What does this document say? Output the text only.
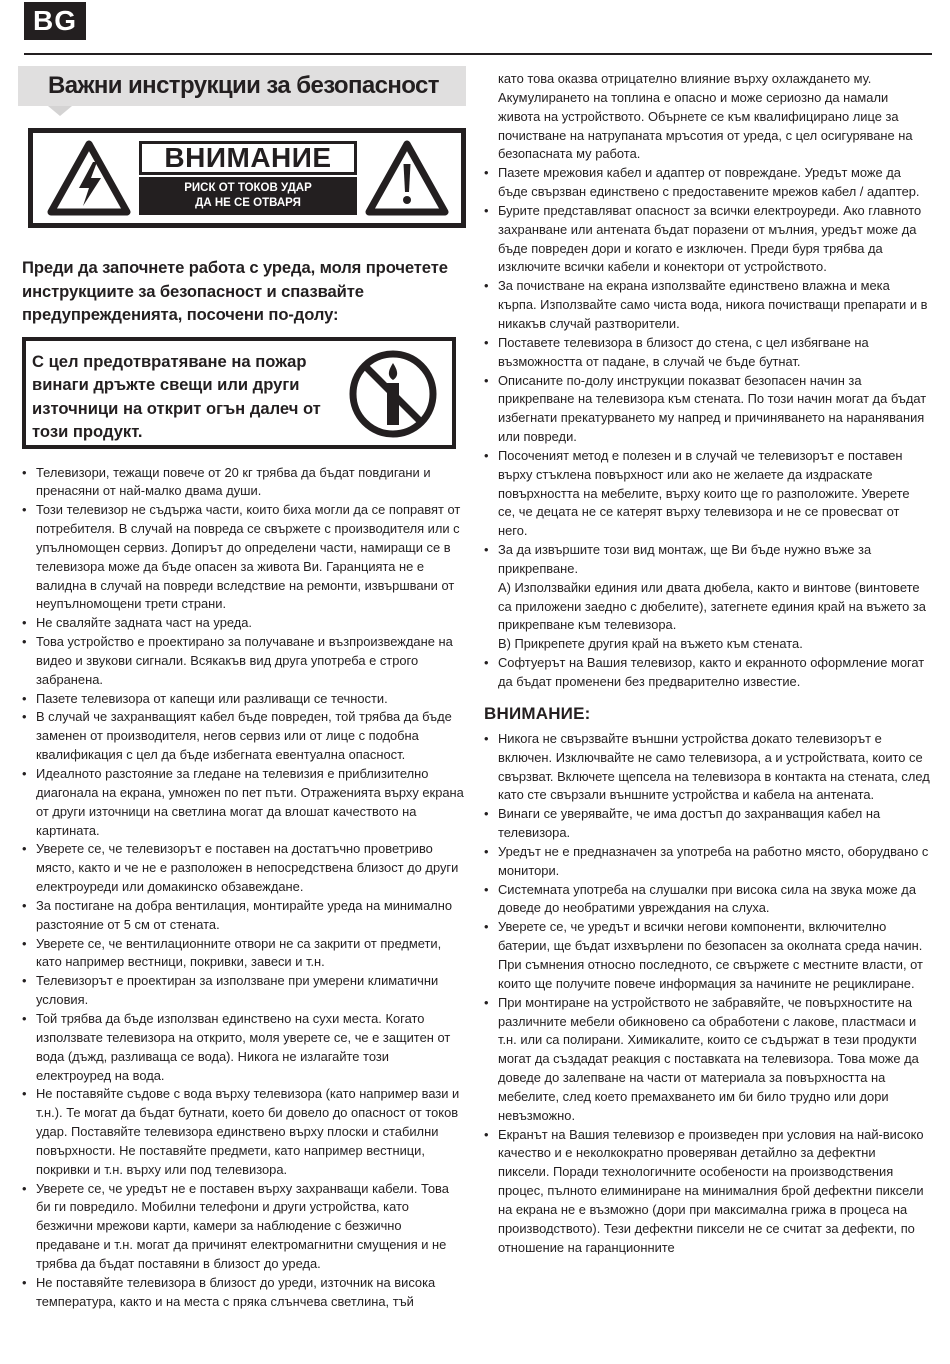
BG
Важни инструкции за безопасност
ВНИМАНИЕ
РИСК ОТ ТОКОВ УДАР
ДА НЕ СЕ ОТВАРЯ
Преди да започнете работа с уреда, моля прочетете инструкциите за безопасност и спазвайте предупрежденията, посочени по-долу:
С цел предотвратяване на пожар винаги дръжте свещи или други източници на открит огън далеч от този продукт.
• Телевизори, тежащи повече от 20 кг трябва да бъдат повдигани и пренасяни от най-малко двама души.
• Този телевизор не съдържа части, които биха могли да се поправят от потребителя. В случай на повреда се свържете с производителя или с упълномощен сервиз. Допирът до определени части, намиращи се в телевизора може да бъде опасен за живота Ви. Гаранцията не е валидна в случай на повреди вследствие на ремонти, извършвани от неупълномощени трети страни.
• Не сваляйте задната част на уреда.
• Това устройство е проектирано за получаване и възпроизвеждане на видео и звукови сигнали. Всякакъв вид друга употреба е строго забранена.
• Пазете телевизора от капещи или разливащи се течности.
• В случай че захранващият кабел бъде повреден, той трябва да бъде заменен от производителя, негов сервиз или от лице с подобна квалификация с цел да бъде избегната евентуална опасност.
• Идеалното разстояние за гледане на телевизия е приблизително диагонала на екрана, умножен по пет пъти. Отраженията върху екрана от други източници на светлина могат да влошат качеството на картината.
• Уверете се, че телевизорът е поставен на достатъчно проветриво място, както и че не е разположен в непосредствена близост до други електроуреди или домакинско обзавеждане.
• За постигане на добра вентилация, монтирайте уреда на минимално разстояние от 5 см от стената.
• Уверете се, че вентилационните отвори не са закрити от предмети, като например вестници, покривки, завеси и т.н.
• Телевизорът е проектиран за използване при умерени климатични условия.
• Той трябва да бъде използван единствено на сухи места. Когато използвате телевизора на открито, моля уверете се, че е защитен от вода (дъжд, разливаща се вода). Никога не излагайте този електроуред на вода.
• Не поставяйте съдове с вода върху телевизора (като например вази и т.н.). Те могат да бъдат бутнати, което би довело до опасност от токов удар. Поставяйте телевизора единствено върху плоски и стабилни повърхности. Не поставяйте предмети, като например вестници, покривки и т.н. върху или под телевизора.
• Уверете се, че уредът не е поставен върху захранващи кабели. Това би ги повредило. Мобилни телефони и други устройства, като безжични мрежови карти, камери за наблюдение с безжично предаване и т.н. могат да причинят електромагнитни смущения и не трябва да бъдат поставяни в близост до уреда.
• Не поставяйте телевизора в близост до уреди, източник на висока температура, както и на места с пряка слънчева светлина, тъй
като това оказва отрицателно влияние върху охлаждането му. Акумулирането на топлина е опасно и може сериозно да намали живота на устройството. Обърнете се към квалифицирано лице за почистване на натрупаната мръсотия от уреда, с цел осигуряване на безопасната му работа.
• Пазете мрежовия кабел и адаптер от повреждане. Уредът може да бъде свързван единствено с предоставените мрежов кабел / адаптер.
• Бурите представляват опасност за всички електроуреди. Ако главното захранване или антената бъдат поразени от мълния, уредът може да бъде повреден дори и когато е изключен. Преди буря трябва да изключите всички кабели и конектори от устройството.
• За почистване на екрана използвайте единствено влажна и мека кърпа. Използвайте само чиста вода, никога почистващи препарати и в никакъв случай разтворители.
• Поставете телевизора в близост до стена, с цел избягване на възможността от падане, в случай че бъде бутнат.
• Описаните по-долу инструкции показват безопасен начин за прикрепване на телевизора към стената. По този начин могат да бъдат избегнати прекатурването му напред и причиняването на наранявания или повреди.
• Посоченият метод е полезен и в случай че телевизорът е поставен върху стъклена повърхност или ако не желаете да издраскате повърхността на мебелите, върху които ще го разположите. Уверете се, че децата не се катерят върху телевизора и не се провесват от него.
• За да извършите този вид монтаж, ще Ви бъде нужно въже за прикрепване.
А) Използвайки единия или двата дюбела, както и винтове (винтовете са приложени заедно с дюбелите), затегнете единия край на въжето за прикрепване към телевизора.
В) Прикрепете другия край на въжето към стената.
• Софтуерът на Вашия телевизор, както и екранното оформление могат да бъдат променени без предварително известие.
ВНИМАНИЕ:
• Никога не свързвайте външни устройства докато телевизорът е включен. Изключвайте не само телевизора, а и устройствата, които се свързват. Включете щепсела на телевизора в контакта на стената, след като сте свързали външните устройства и кабела на антената.
• Винаги се уверявайте, че има достъп до захранващия кабел на телевизора.
• Уредът не е предназначен за употреба на работно място, оборудвано с монитори.
• Системната употреба на слушалки при висока сила на звука може да доведе до необратими увреждания на слуха.
• Уверете се, че уредът и всички негови компоненти, включително батерии, ще бъдат изхвърлени по безопасен за околната среда начин. При съмнения относно последното, се свържете с местните власти, от които ще получите повече информация за начините не рециклиране.
• При монтиране на устройството не забравяйте, че повърхностите на различните мебели обикновено са обработени с лакове, пластмаси и т.н. или са полирани. Химикалите, които се съдържат в тези продукти могат да създадат реакция с поставката на телевизора. Това може да доведе до залепване на части от материала за повърхността на мебелите, след което премахването им би било трудно или дори невъзможно.
• Екранът на Вашия телевизор е произведен при условия на най-високо качество и е неколкократно проверяван детайлно за дефектни пиксели. Поради технологичните особености на производствения процес, пълното елиминиране на минималния брой дефектни пиксели на екрана не е възможно (дори при максимална грижа в процеса на производството). Тези дефектни пиксели не се считат за дефекти, по отношение на гаранционните
